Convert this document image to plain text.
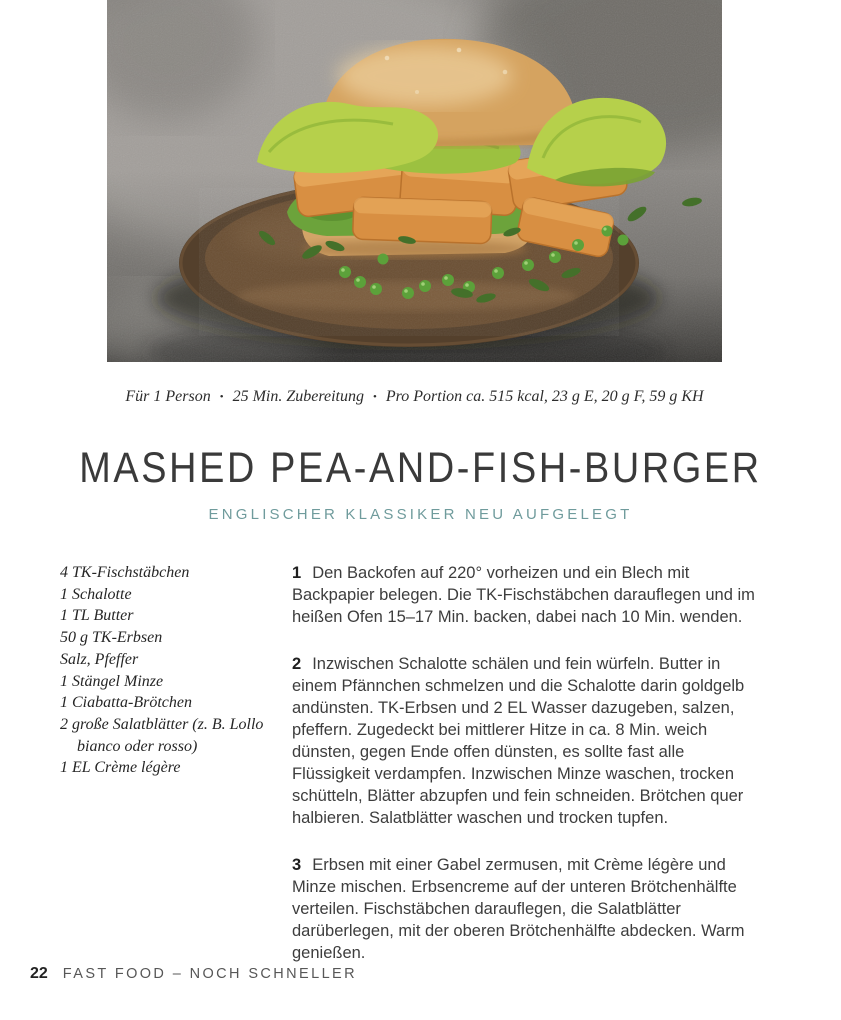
Für 1 Person • 25 Min. Zubereitung • Pro Portion ca. 515 kcal, 23 g E, 20 g F, 59 g KH
MASHED PEA-AND-FISH-BURGER
ENGLISCHER KLASSIKER NEU AUFGELEGT
4 TK-Fischstäbchen
1 Schalotte
1 TL Butter
50 g TK-Erbsen
Salz, Pfeffer
1 Stängel Minze
1 Ciabatta-Brötchen
2 große Salatblätter (z. B. Lollo bianco oder rosso)
1 EL Crème légère

1 Den Backofen auf 220° vorheizen und ein Blech mit Backpapier belegen. Die TK-Fischstäbchen darauflegen und im heißen Ofen 15–17 Min. backen, dabei nach 10 Min. wenden.

2 Inzwischen Schalotte schälen und fein würfeln. Butter in einem Pfännchen schmelzen und die Schalotte darin goldgelb andünsten. TK-Erbsen und 2 EL Wasser dazugeben, salzen, pfeffern. Zugedeckt bei mittlerer Hitze in ca. 8 Min. weich dünsten, gegen Ende offen dünsten, es sollte fast alle Flüssigkeit verdampfen. Inzwischen Minze waschen, trocken schütteln, Blätter abzupfen und fein schneiden. Brötchen quer halbieren. Salatblätter waschen und trocken tupfen.

3 Erbsen mit einer Gabel zermusen, mit Crème légère und Minze mischen. Erbsencreme auf der unteren Brötchenhälfte verteilen. Fischstäbchen darauflegen, die Salatblätter darüberlegen, mit der oberen Brötchenhälfte abdecken. Warm genießen.

22 FAST FOOD – NOCH SCHNELLER
